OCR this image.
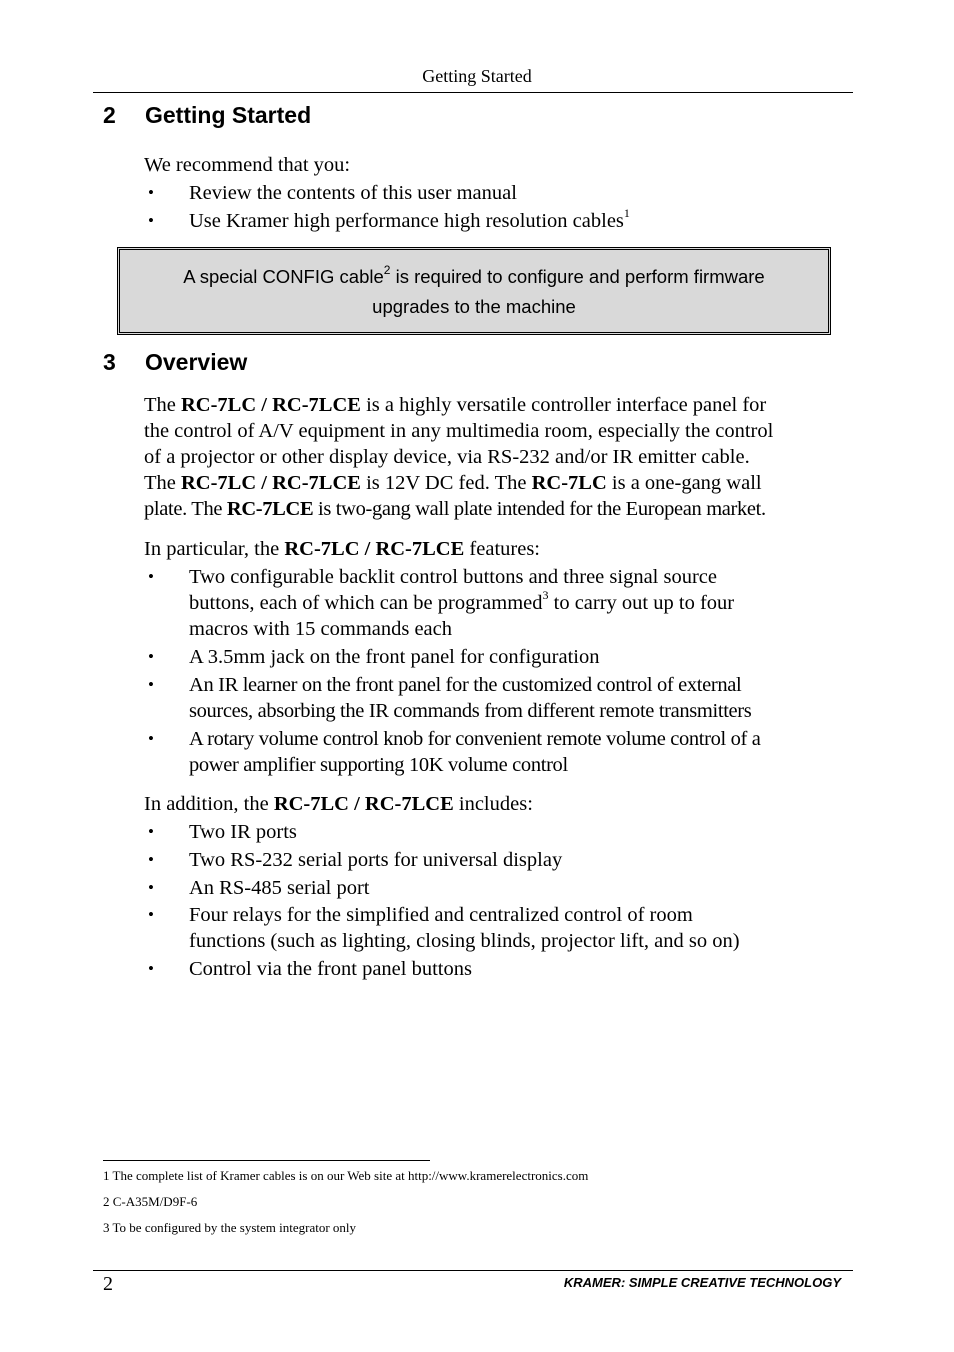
Getting Started
2 Getting Started
We recommend that you:
• Review the contents of this user manual
• Use Kramer high performance high resolution cables$^1$
A special CONFIG cable$^2$ is required to configure and perform firmware
upgrades to the machine
3 Overview
The RC-7LC / RC-7LCE is a highly versatile controller interface panel for
the control of A/V equipment in any multimedia room, especially the control
of a projector or other display device, via RS-232 and/or IR emitter cable.
The RC-7LC / RC-7LCE is 12V DC fed. The RC-7LC is a one-gang wall
plate. The RC-7LCE is two-gang wall plate intended for the European market.
In particular, the RC-7LC / RC-7LCE features:
• Two configurable backlit control buttons and three signal source
buttons, each of which can be programmed$^3$ to carry out up to four
macros with 15 commands each
• A 3.5mm jack on the front panel for configuration
• An IR learner on the front panel for the customized control of external
sources, absorbing the IR commands from different remote transmitters
• A rotary volume control knob for convenient remote volume control of a
power amplifier supporting 10K volume control
In addition, the RC-7LC / RC-7LCE includes:
• Two IR ports
• Two RS-232 serial ports for universal display
• An RS-485 serial port
• Four relays for the simplified and centralized control of room
functions (such as lighting, closing blinds, projector lift, and so on)
• Control via the front panel buttons
1 The complete list of Kramer cables is on our Web site at http://www.kramerelectronics.com
2 C-A35M/D9F-6
3 To be configured by the system integrator only
2	KRAMER: SIMPLE CREATIVE TECHNOLOGY
